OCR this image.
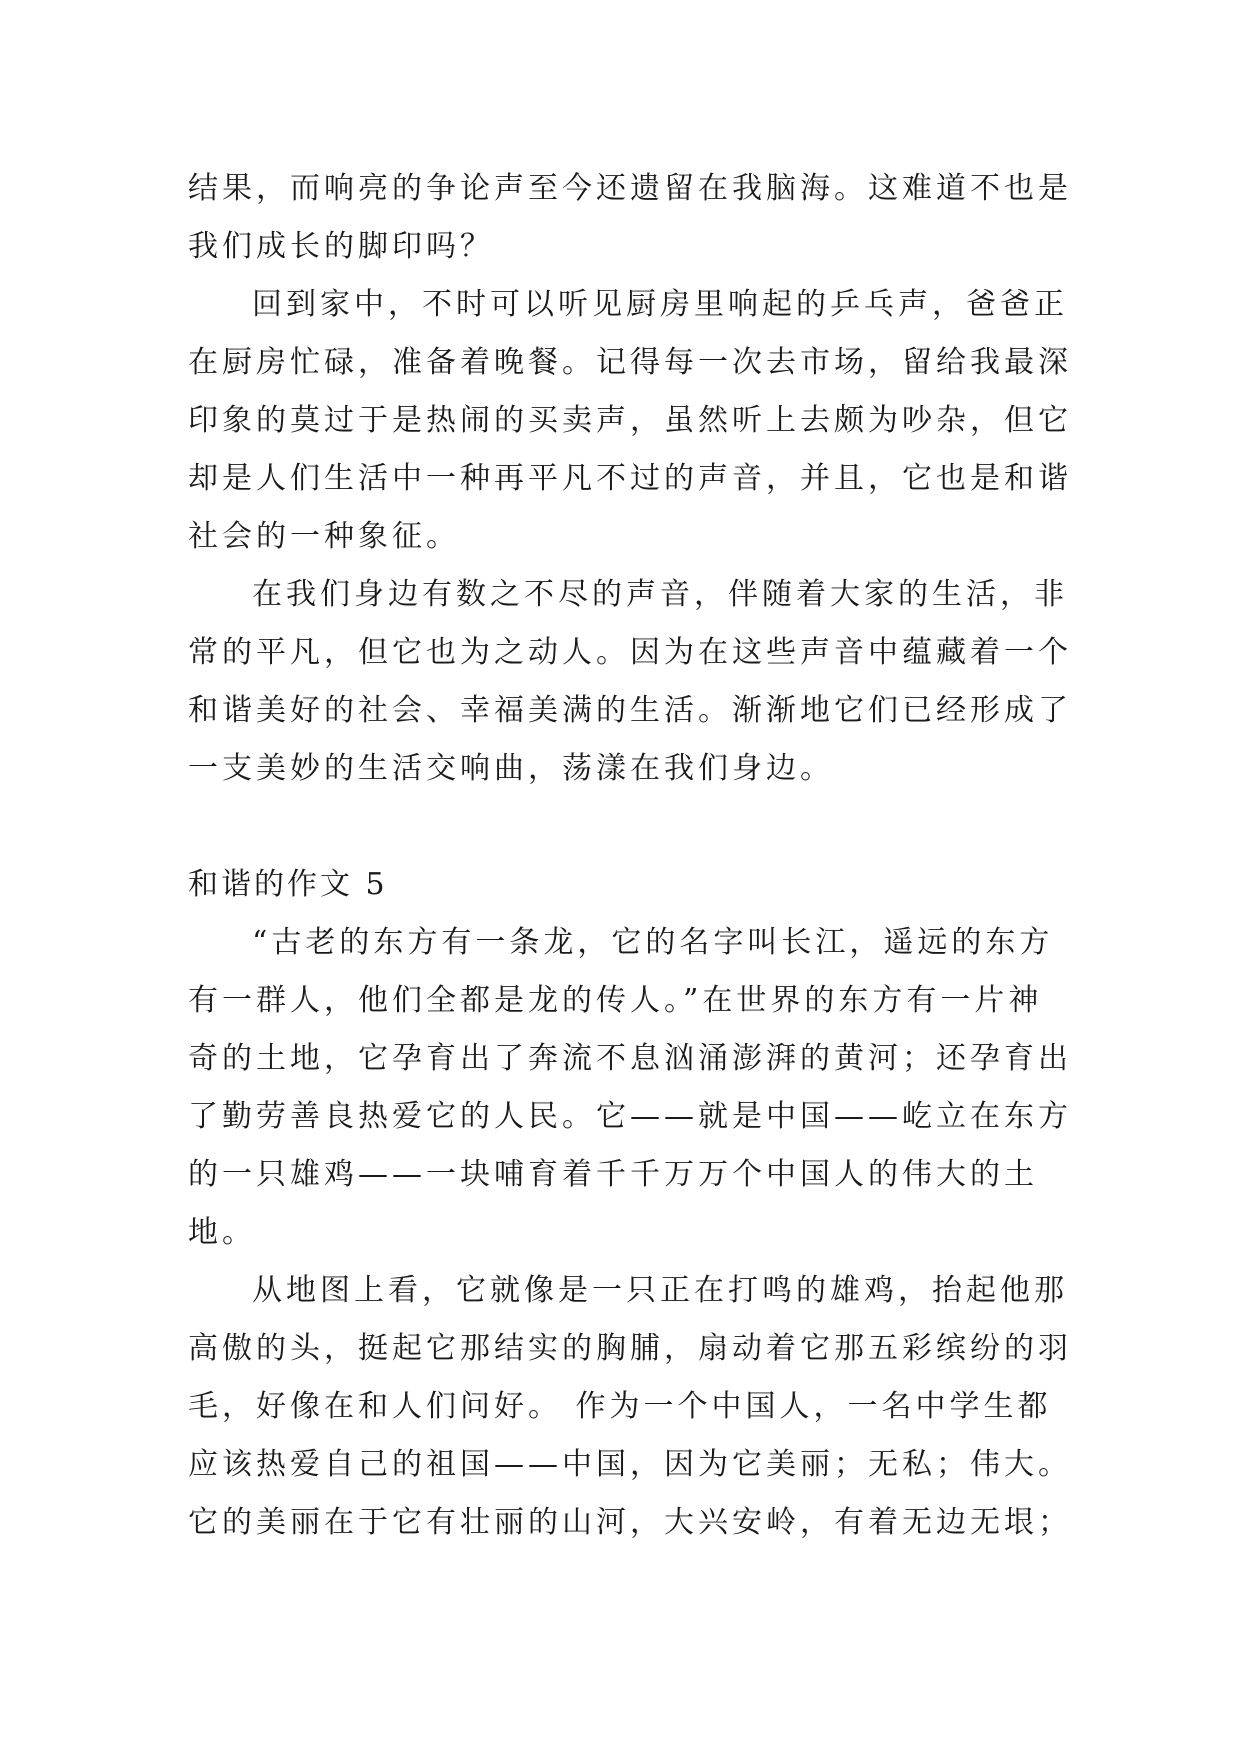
结果，而响亮的争论声至今还遗留在我脑海。这难道不也是
我们成长的脚印吗？
回到家中，不时可以听见厨房里响起的乒乓声，爸爸正
在厨房忙碌，准备着晚餐。记得每一次去市场，留给我最深
印象的莫过于是热闹的买卖声，虽然听上去颇为吵杂，但它
却是人们生活中一种再平凡不过的声音，并且，它也是和谐
社会的一种象征。
在我们身边有数之不尽的声音，伴随着大家的生活，非
常的平凡，但它也为之动人。因为在这些声音中蕴藏着一个
和谐美好的社会、幸福美满的生活。渐渐地它们已经形成了
一支美妙的生活交响曲，荡漾在我们身边。
和谐的作文 5
“古老的东方有一条龙，它的名字叫长江，遥远的东方
有一群人，他们全都是龙的传人。”在世界的东方有一片神
奇的土地，它孕育出了奔流不息汹涌澎湃的黄河；还孕育出
了勤劳善良热爱它的人民。它——就是中国——屹立在东方
的一只雄鸡——一块哺育着千千万万个中国人的伟大的土
地。
从地图上看，它就像是一只正在打鸣的雄鸡，抬起他那
高傲的头，挺起它那结实的胸脯，扇动着它那五彩缤纷的羽
毛，好像在和人们问好。 作为一个中国人，一名中学生都
应该热爱自己的祖国——中国，因为它美丽；无私；伟大。
它的美丽在于它有壮丽的山河，大兴安岭，有着无边无垠；
